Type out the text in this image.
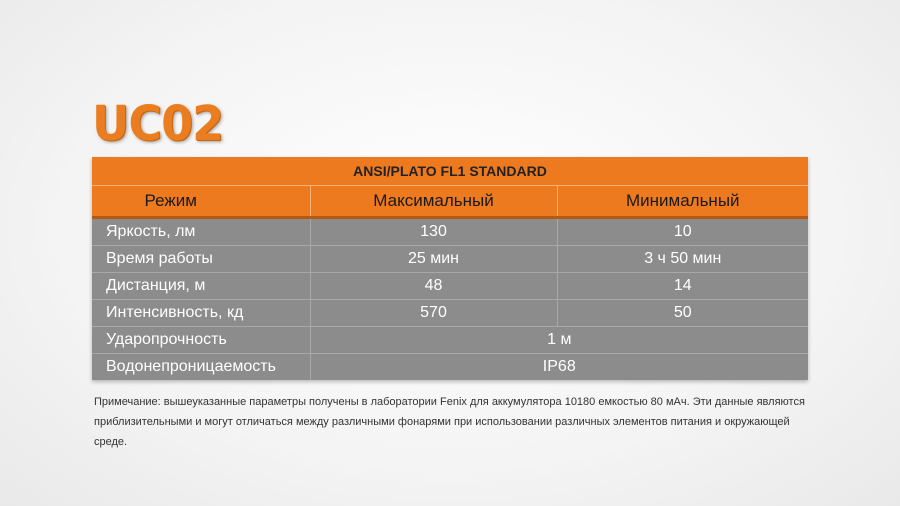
UC02
ANSI/PLATO FL1 STANDARD		
Режим	Максимальный	Минимальный
Яркость, лм	130	10
Время работы	25 мин	3 ч 50 мин
Дистанция, м	48	14
Интенсивность, кд	570	50
Ударопрочность	1 м	
Водонепроницаемость	IP68	
Примечание: вышеуказанные параметры получены в лаборатории Fenix для аккумулятора 10180 емкостью 80 мАч. Эти данные являются приблизительными и могут отличаться между различными фонарями при использовании различных элементов питания и окружающей среде.
